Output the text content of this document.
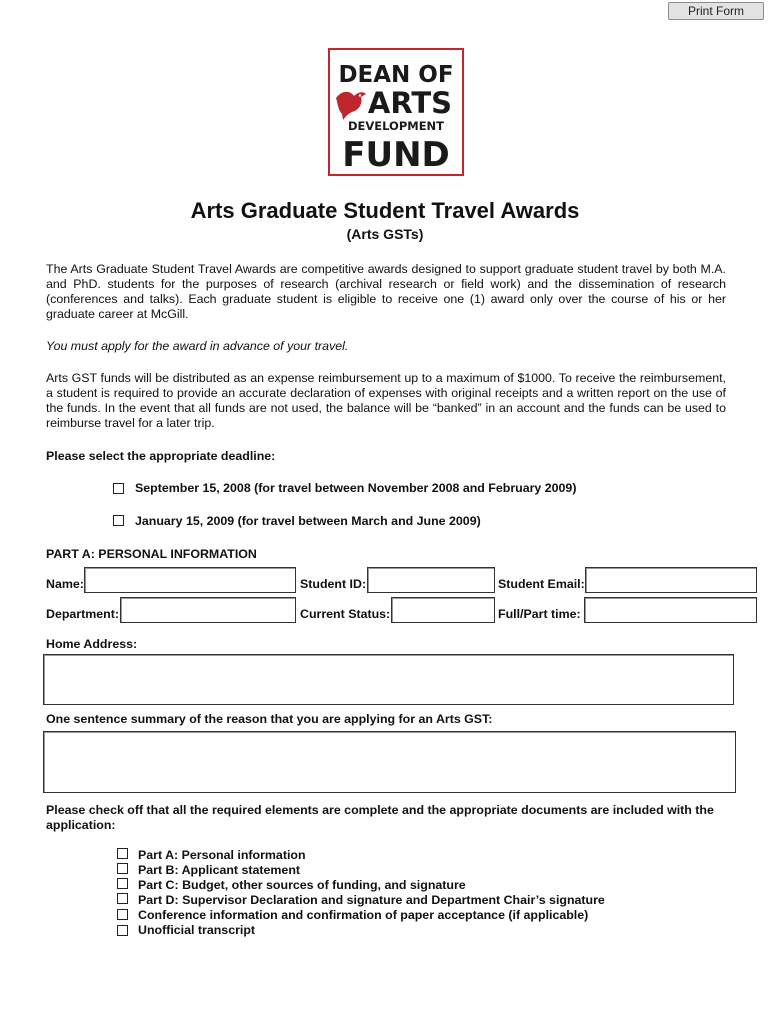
Print Form
DEAN OF
ARTS
DEVELOPMENT
FUND
Arts Graduate Student Travel Awards
(Arts GSTs)

The Arts Graduate Student Travel Awards are competitive awards designed to support graduate student travel by both M.A. and PhD. students for the purposes of research (archival research or field work) and the dissemination of research (conferences and talks). Each graduate student is eligible to receive one (1) award only over the course of his or her graduate career at McGill.

You must apply for the award in advance of your travel.

Arts GST funds will be distributed as an expense reimbursement up to a maximum of $1000. To receive the reimbursement, a student is required to provide an accurate declaration of expenses with original receipts and a written report on the use of the funds. In the event that all funds are not used, the balance will be “banked” in an account and the funds can be used to reimburse travel for a later trip.

Please select the appropriate deadline:

September 15, 2008 (for travel between November 2008 and February 2009)
January 15, 2009 (for travel between March and June 2009)

PART A: PERSONAL INFORMATION

Name:	Student ID:	Student Email:
Department:	Current Status:	Full/Part time:
Home Address:
One sentence summary of the reason that you are applying for an Arts GST:

Please check off that all the required elements are complete and the appropriate documents are included with the application:

Part A: Personal information
Part B: Applicant statement
Part C: Budget, other sources of funding, and signature
Part D: Supervisor Declaration and signature and Department Chair’s signature
Conference information and confirmation of paper acceptance (if applicable)
Unofficial transcript
